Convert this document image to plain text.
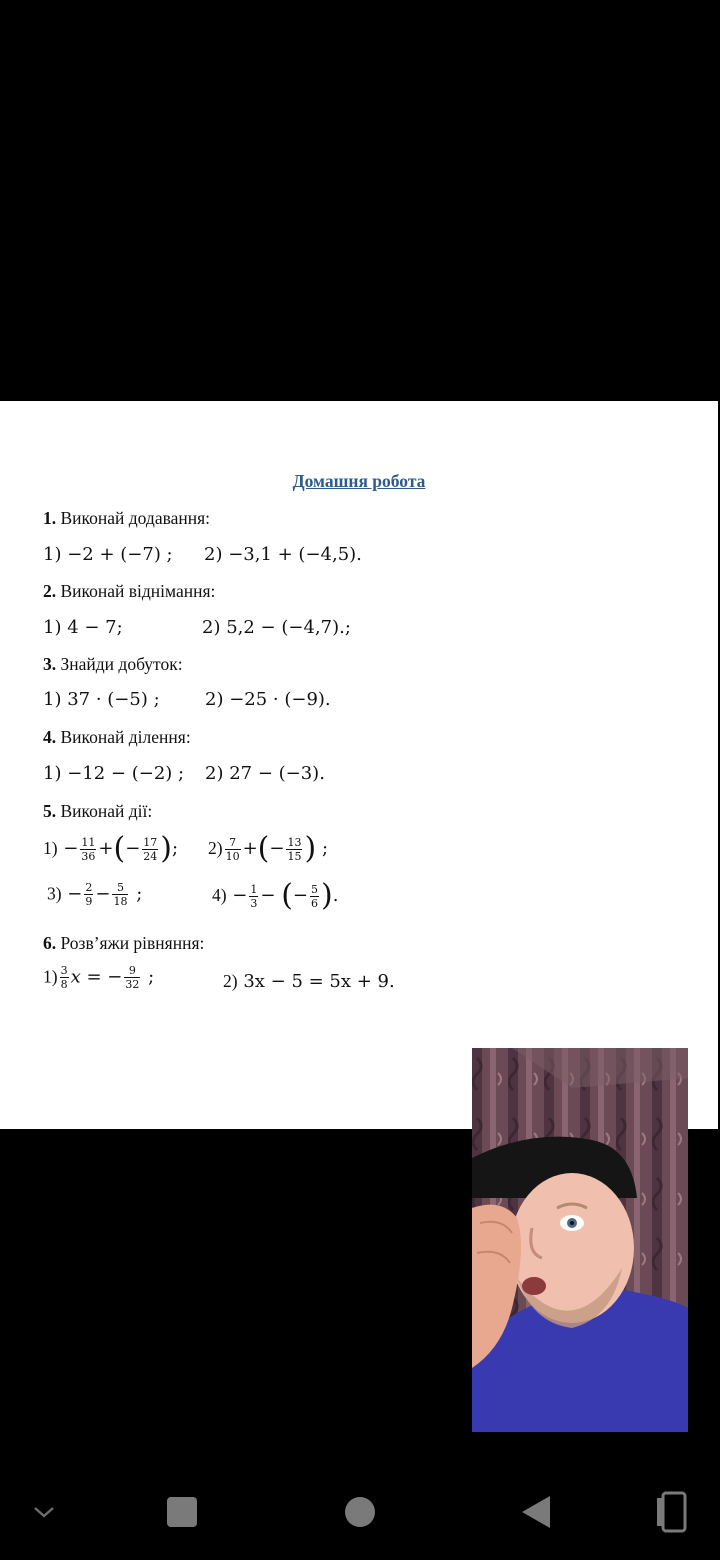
Домашня робота
1. Виконай додавання:
1) −2 + (−7) ; 2) −3,1 + (−4,5).
2. Виконай віднімання:
1) 4 − 7;	2) 5,2 − (−4,7).;
3. Знайди добуток:
1) 37 · (−5) ;	2) −25 · (−9).
4. Виконай ділення:
1) −12 − (−2) ; 2) 27 − (−3).
5. Виконай дії:
$1) - \frac{11}{36}$ +(− $\frac{17}{24}$ ); $2) \frac{7}{10}$ +(− $\frac{13}{15}$ ) ;
$3) - \frac{2}{9} - \frac{5}{18}$ ;	$4) - \frac{1}{3}$ − (− $\frac{5}{6}$ ).
6. Розв’яжи рівняння:
$1) \frac{3}{8}$ x = − $\frac{9}{32}$ ;	2) 3x − 5 = 5x + 9.
